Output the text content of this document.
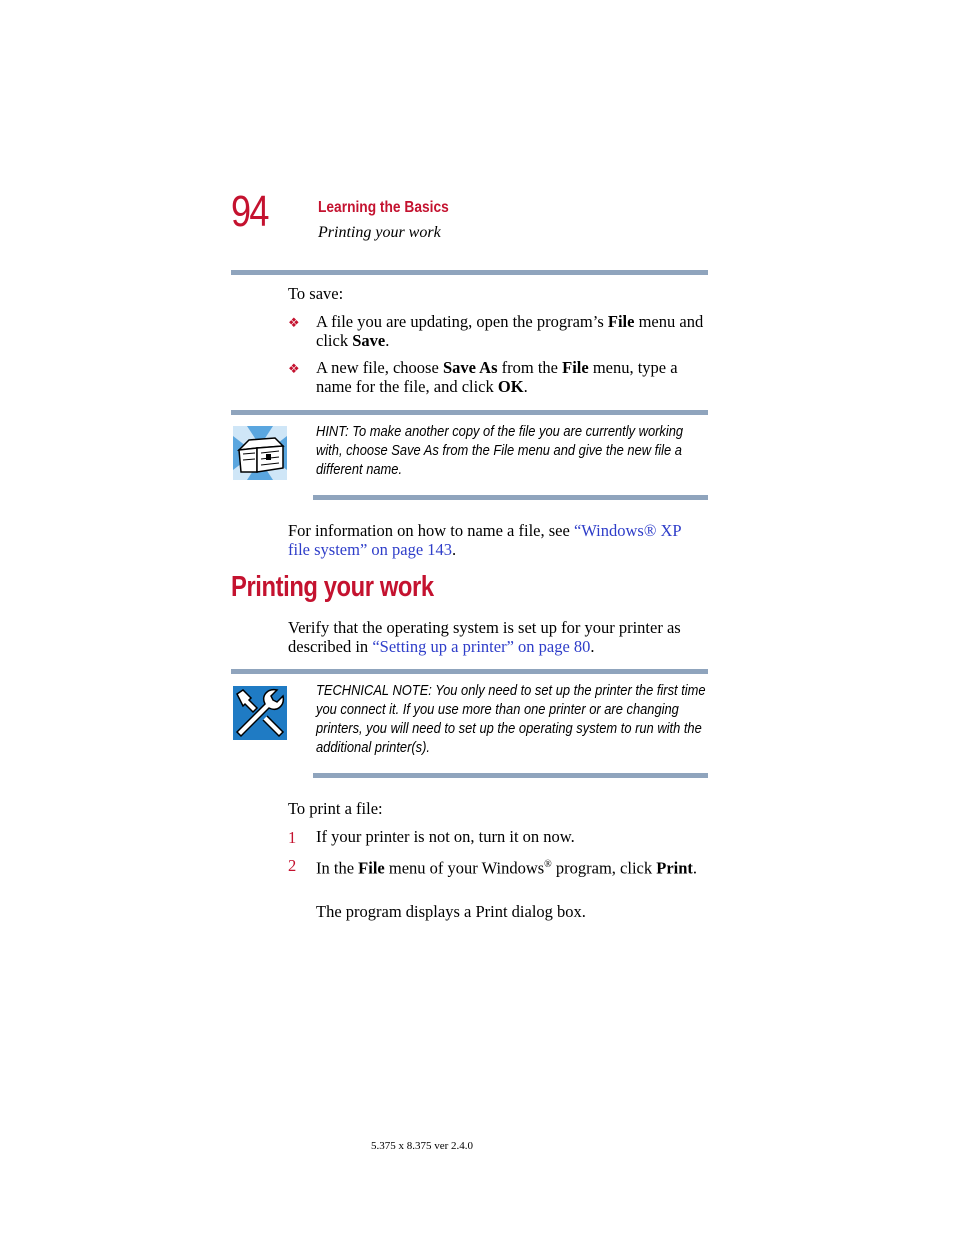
94	Learning the Basics
Printing your work
To save:
❖ A file you are updating, open the program’s File menu and click Save.
❖ A new file, choose Save As from the File menu, type a name for the file, and click OK.
HINT: To make another copy of the file you are currently working with, choose Save As from the File menu and give the new file a different name.
For information on how to name a file, see “Windows® XP file system” on page 143.
Printing your work
Verify that the operating system is set up for your printer as described in “Setting up a printer” on page 80.
TECHNICAL NOTE: You only need to set up the printer the first time you connect it. If you use more than one printer or are changing printers, you will need to set up the operating system to run with the additional printer(s).
To print a file:
1 If your printer is not on, turn it on now.
2 In the File menu of your Windows® program, click Print.
The program displays a Print dialog box.
5.375 x 8.375 ver 2.4.0
